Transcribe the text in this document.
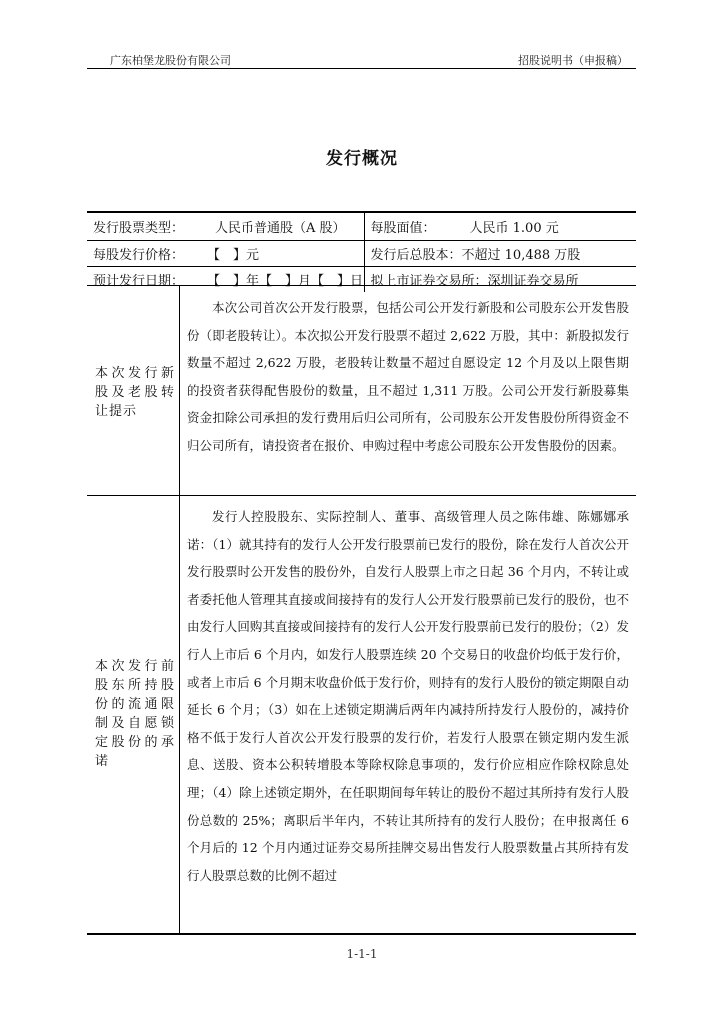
广东柏堡龙股份有限公司	招股说明书（申报稿）
发行概况
发行股票类型：	人民币普通股（A 股）	每股面值： 人民币 1.00 元
每股发行价格：	【　】元	发行后总股本：不超过 10,488 万股
预计发行日期：	【　】年【　】月【　】日	拟上市证券交易所：深圳证券交易所
本次发行新股及老股转让提示

本次公司首次公开发行股票，包括公司公开发行新股和公司股东公开发售股份（即老股转让）。本次拟公开发行股票不超过 2,622 万股，其中：新股拟发行数量不超过 2,622 万股，老股转让数量不超过自愿设定 12 个月及以上限售期的投资者获得配售股份的数量，且不超过 1,311 万股。公司公开发行新股募集资金扣除公司承担的发行费用后归公司所有，公司股东公开发售股份所得资金不归公司所有，请投资者在报价、申购过程中考虑公司股东公开发售股份的因素。

本次发行前股东所持股份的流通限制及自愿锁定股份的承诺

发行人控股股东、实际控制人、董事、高级管理人员之陈伟雄、陈娜娜承诺：（1）就其持有的发行人公开发行股票前已发行的股份，除在发行人首次公开发行股票时公开发售的股份外，自发行人股票上市之日起 36 个月内，不转让或者委托他人管理其直接或间接持有的发行人公开发行股票前已发行的股份，也不由发行人回购其直接或间接持有的发行人公开发行股票前已发行的股份；（2）发行人上市后 6 个月内，如发行人股票连续 20 个交易日的收盘价均低于发行价，或者上市后 6 个月期末收盘价低于发行价，则持有的发行人股份的锁定期限自动延长 6 个月；（3）如在上述锁定期满后两年内减持所持发行人股份的，减持价格不低于发行人首次公开发行股票的发行价，若发行人股票在锁定期内发生派息、送股、资本公积转增股本等除权除息事项的，发行价应相应作除权除息处理；（4）除上述锁定期外，在任职期间每年转让的股份不超过其所持有发行人股份总数的 25%；离职后半年内，不转让其所持有的发行人股份；在申报离任 6 个月后的 12 个月内通过证券交易所挂牌交易出售发行人股票数量占其所持有发行人股票总数的比例不超过

1-1-1
